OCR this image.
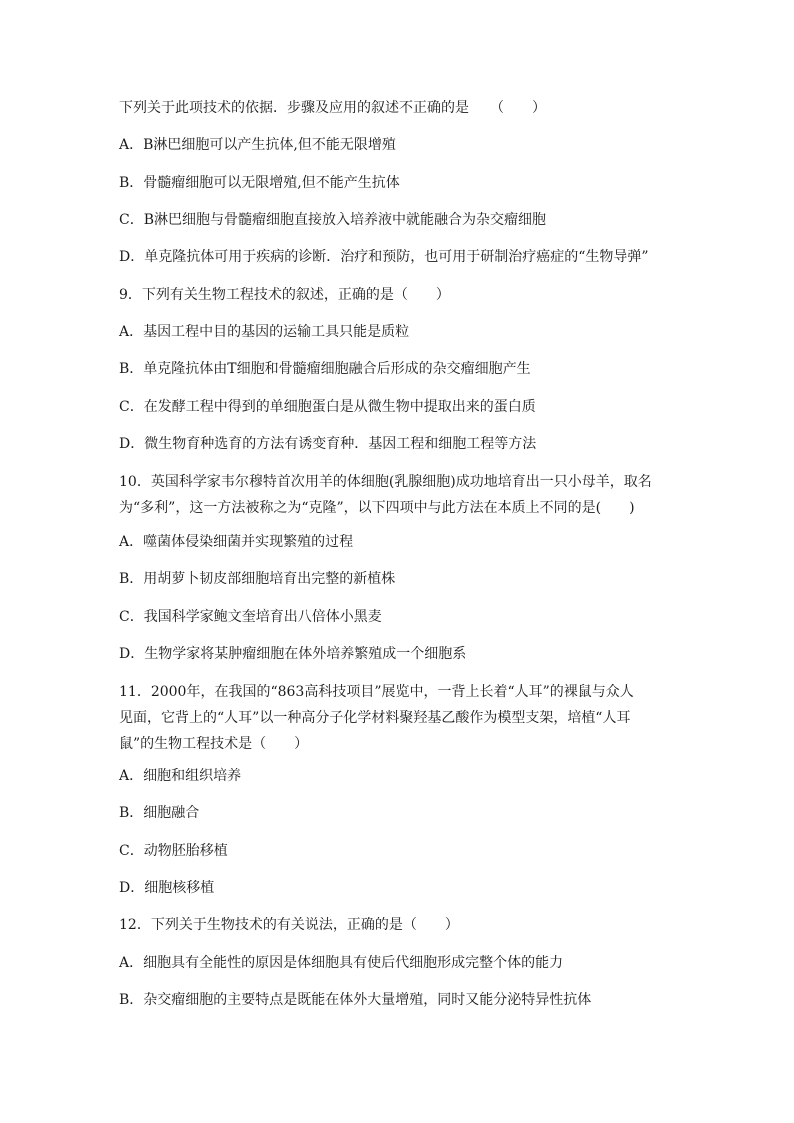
下列关于此项技术的依据．步骤及应用的叙述不正确的是　　（　　）
A．B淋巴细胞可以产生抗体,但不能无限增殖
B．骨髓瘤细胞可以无限增殖,但不能产生抗体
C．B淋巴细胞与骨髓瘤细胞直接放入培养液中就能融合为杂交瘤细胞
D．单克隆抗体可用于疾病的诊断．治疗和预防，也可用于研制治疗癌症的“生物导弹”
9．下列有关生物工程技术的叙述，正确的是（　　）
A．基因工程中目的基因的运输工具只能是质粒
B．单克隆抗体由T细胞和骨髓瘤细胞融合后形成的杂交瘤细胞产生
C．在发酵工程中得到的单细胞蛋白是从微生物中提取出来的蛋白质
D．微生物育种选育的方法有诱变育种．基因工程和细胞工程等方法
10．英国科学家韦尔穆特首次用羊的体细胞(乳腺细胞)成功地培育出一只小母羊，取名
为“多利”，这一方法被称之为“克隆”，以下四项中与此方法在本质上不同的是(　　)
A．噬菌体侵染细菌并实现繁殖的过程
B．用胡萝卜韧皮部细胞培育出完整的新植株
C．我国科学家鲍文奎培育出八倍体小黑麦
D．生物学家将某肿瘤细胞在体外培养繁殖成一个细胞系
11．2000年，在我国的“863高科技项目”展览中，一背上长着“人耳”的裸鼠与众人
见面，它背上的“人耳”以一种高分子化学材料聚羟基乙酸作为模型支架，培植“人耳
鼠”的生物工程技术是（　　）
A．细胞和组织培养
B．细胞融合
C．动物胚胎移植
D．细胞核移植
12．下列关于生物技术的有关说法，正确的是（　　）
A．细胞具有全能性的原因是体细胞具有使后代细胞形成完整个体的能力
B．杂交瘤细胞的主要特点是既能在体外大量增殖，同时又能分泌特异性抗体
